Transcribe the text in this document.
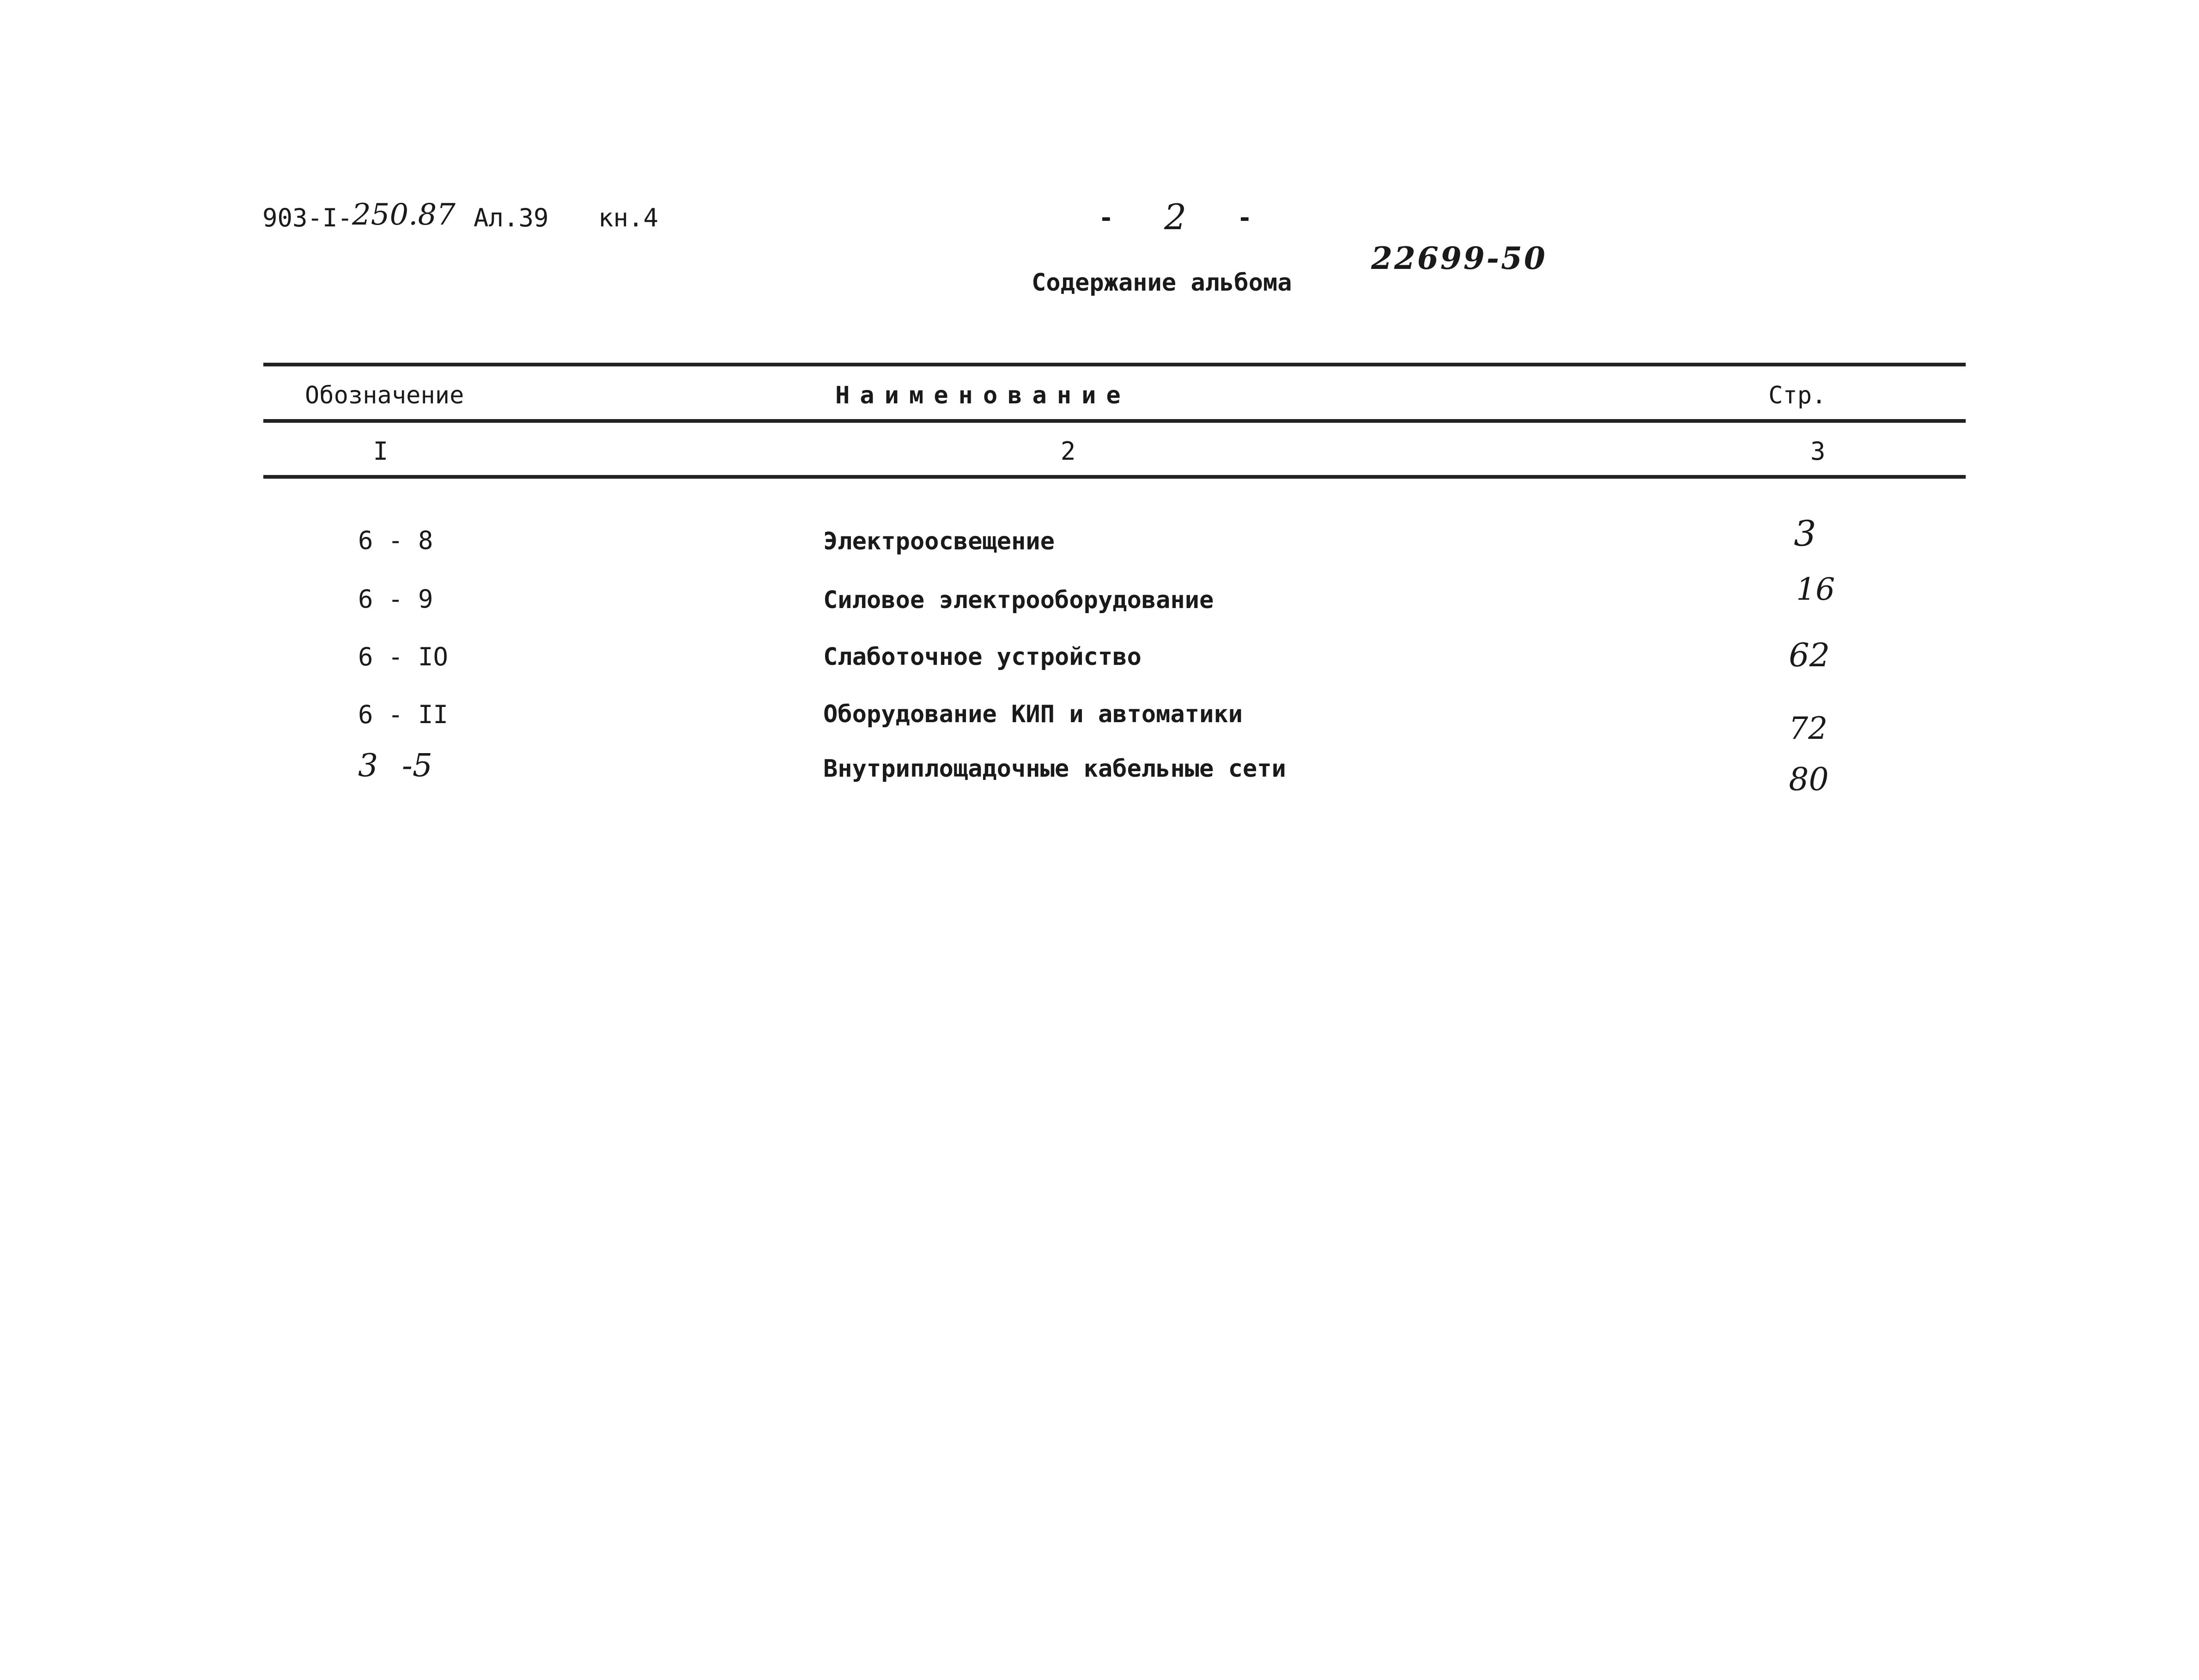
903-I-
250.87 Ал.39 кн.4	- 2 -
22699-50
Содержание альбома
Обозначение	Наименование	Стр.
I	2	3
6 - 8	Электроосвещение	3
6 - 9	Силовое электрооборудование	16
6 - IO	Слаботочное устройство	62
6 - II	Оборудование КИП и автоматики	72
3 -5	Внутриплощадочные кабельные сети	80
